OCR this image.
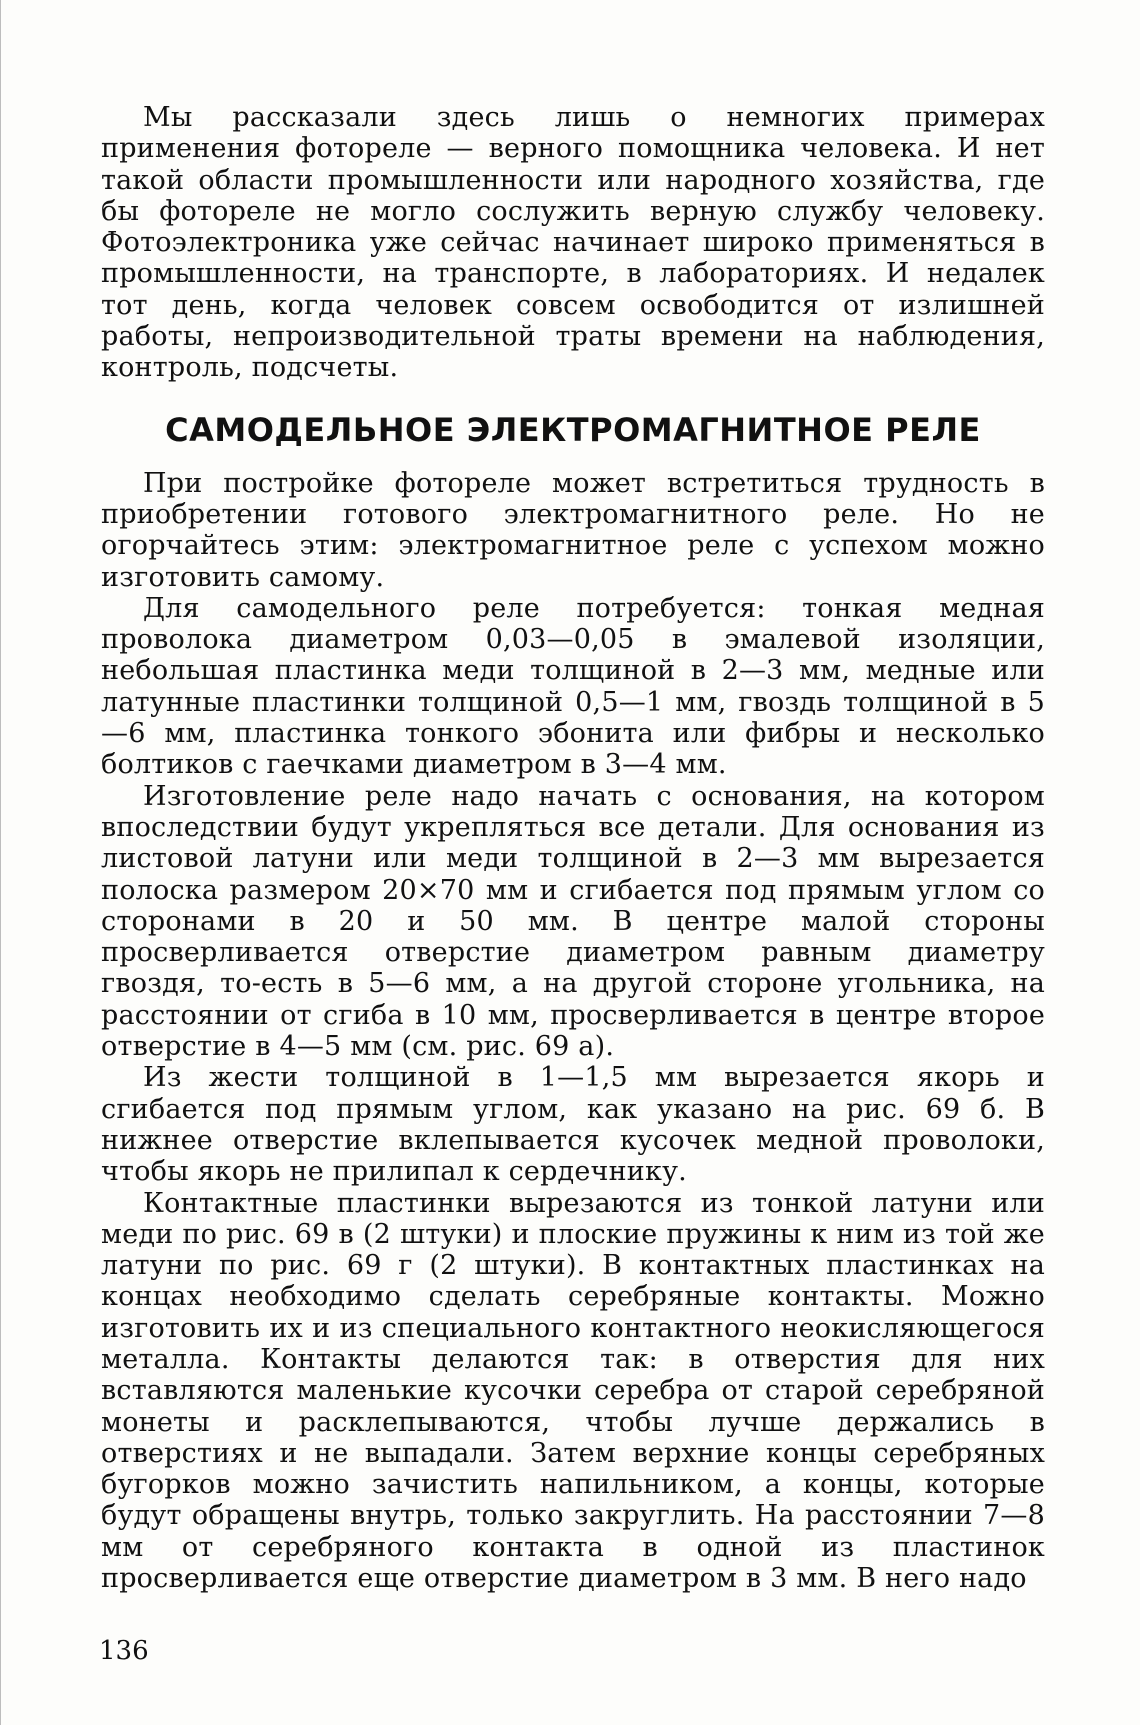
Мы рассказали здесь лишь о немногих примерах применения фотореле — верного помощника человека. И нет такой области промышленности или народного хозяйства, где бы фотореле не могло сослужить верную службу человеку. Фотоэлектроника уже сейчас начинает широко применяться в промышленности, на транспорте, в лабораториях. И недалек тот день, когда человек совсем освободится от излишней работы, непроизводительной траты времени на наблюдения, контроль, подсчеты.

САМОДЕЛЬНОЕ ЭЛЕКТРОМАГНИТНОЕ РЕЛЕ

При постройке фотореле может встретиться трудность в приобретении готового электромагнитного реле. Но не огорчайтесь этим: электромагнитное реле с успехом можно изготовить самому.

Для самодельного реле потребуется: тонкая медная проволока диаметром 0,03—0,05 в эмалевой изоляции, небольшая пластинка меди толщиной в 2—3 мм, медные или латунные пластинки толщиной 0,5—1 мм, гвоздь толщиной в 5—6 мм, пластинка тонкого эбонита или фибры и несколько болтиков с гаечками диаметром в 3—4 мм.

Изготовление реле надо начать с основания, на котором впоследствии будут укрепляться все детали. Для основания из листовой латуни или меди толщиной в 2—3 мм вырезается полоска размером 20×70 мм и сгибается под прямым углом со сторонами в 20 и 50 мм. В центре малой стороны просверливается отверстие диаметром равным диаметру гвоздя, то-есть в 5—6 мм, а на другой стороне угольника, на расстоянии от сгиба в 10 мм, просверливается в центре второе отверстие в 4—5 мм (см. рис. 69 а).

Из жести толщиной в 1—1,5 мм вырезается якорь и сгибается под прямым углом, как указано на рис. 69 б. В нижнее отверстие вклепывается кусочек медной проволоки, чтобы якорь не прилипал к сердечнику.

Контактные пластинки вырезаются из тонкой латуни или меди по рис. 69 в (2 штуки) и плоские пружины к ним из той же латуни по рис. 69 г (2 штуки). В контактных пластинках на концах необходимо сделать серебряные контакты. Можно изготовить их и из специального контактного неокисляющегося металла. Контакты делаются так: в отверстия для них вставляются маленькие кусочки серебра от старой серебряной монеты и расклепываются, чтобы лучше держались в отверстиях и не выпадали. Затем верхние концы серебряных бугорков можно зачистить напильником, а концы, которые будут обращены внутрь, только закруглить. На расстоянии 7—8 мм от серебряного контакта в одной из пластинок просверливается еще отверстие диаметром в 3 мм. В него надо

136
